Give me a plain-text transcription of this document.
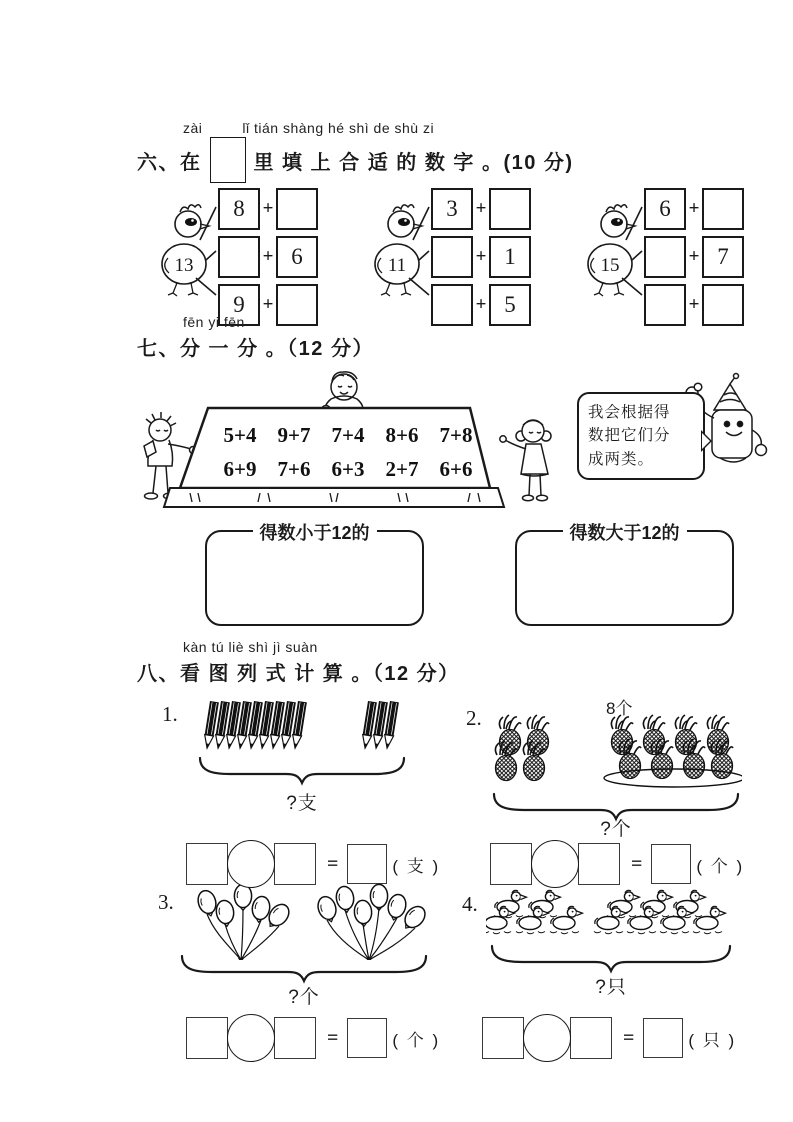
zài	lǐ tián shàng hé shì de shù zi
六、在	里 填 上 合 适 的 数 字 。(10 分)
13
8 +
+ 6
9 +
11
3 +
+ 1
+ 5
15
6 +
+ 7
+
fēn yi fēn
七、分 一 分 。（12 分）
5+4 9+7 7+4 8+6 7+8
6+9 7+6 6+3 2+7 6+6
我会根据得
数把它们分
成两类。
得数小于12的	得数大于12的
kàn tú liè shì jì suàn
八、看 图 列 式 计 算 。（12 分）
1.
?支
=	( 支 )
2.	8个
?个
=	( 个 )
3.
?个
=	( 个 )
4.
?只
=	( 只 )
